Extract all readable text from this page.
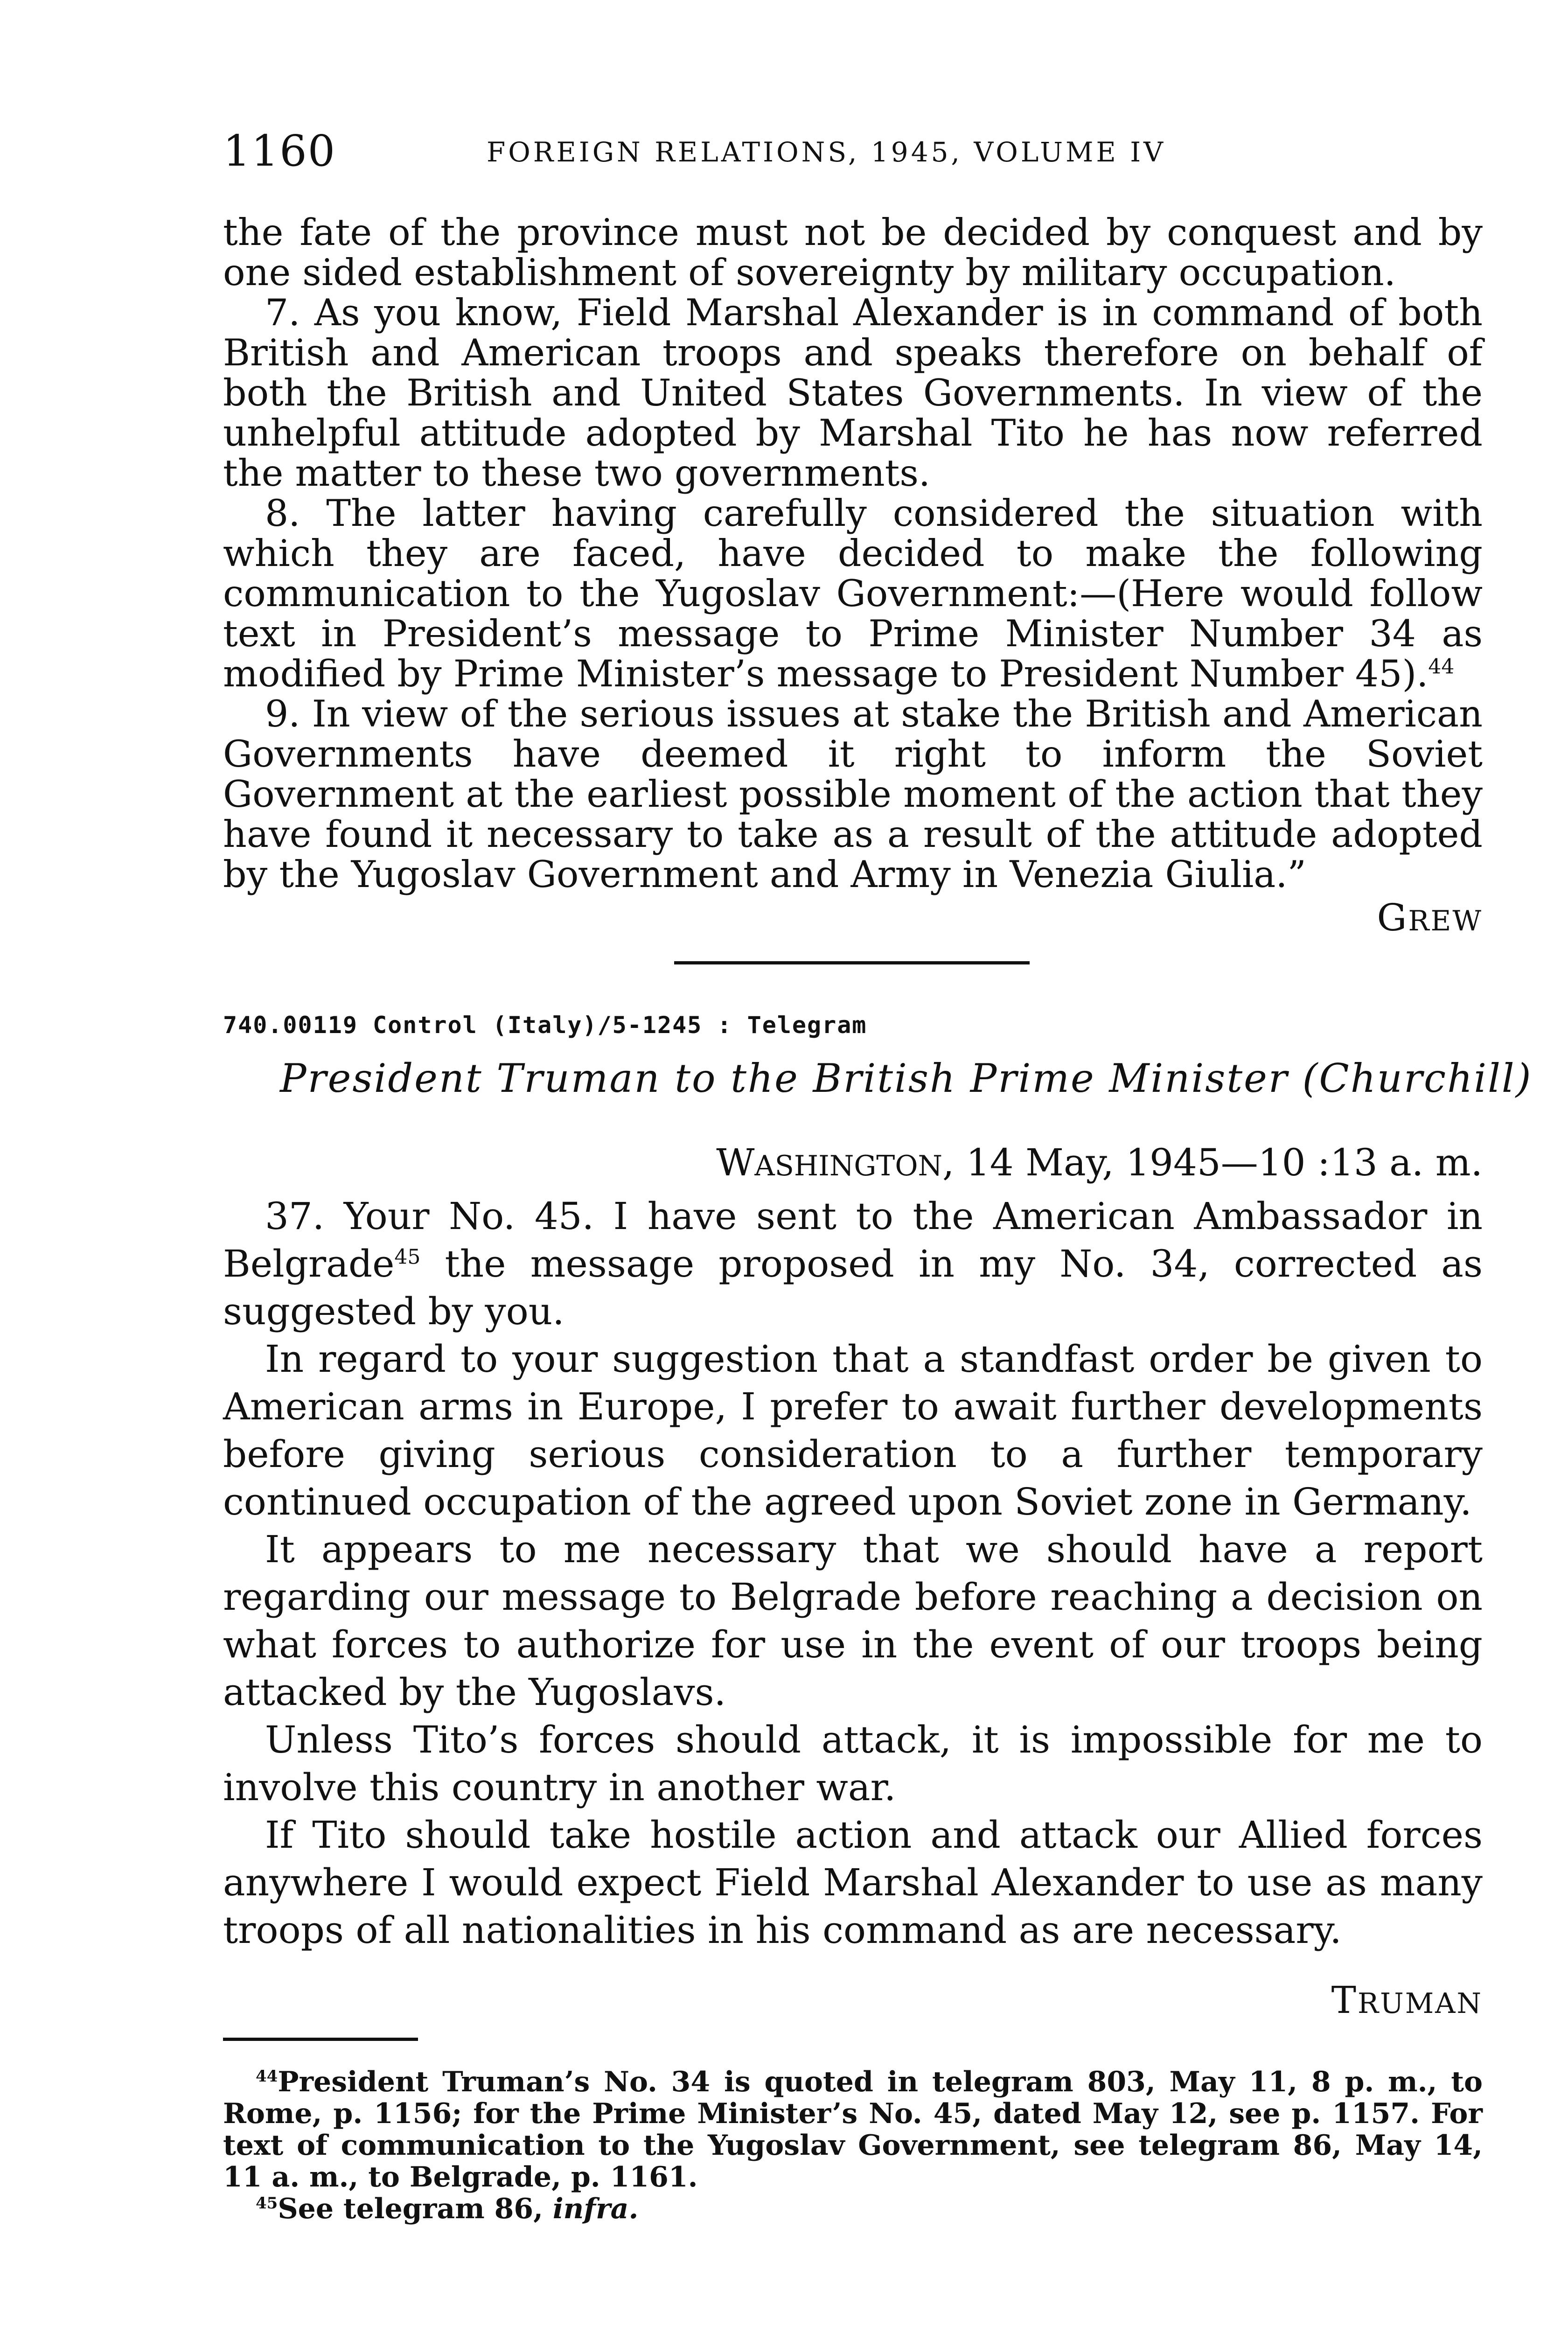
1160	FOREIGN RELATIONS, 1945, VOLUME IV

the fate of the province must not be decided by conquest and by one sided establishment of sovereignty by military occupation.

7. As you know, Field Marshal Alexander is in command of both British and American troops and speaks therefore on behalf of both the British and United States Governments. In view of the unhelpful attitude adopted by Marshal Tito he has now referred the matter to these two governments.

8. The latter having carefully considered the situation with which they are faced, have decided to make the following communication to the Yugoslav Government:—(Here would follow text in President’s message to Prime Minister Number 34 as modified by Prime Minister’s message to President Number 45).$^{44}$

9. In view of the serious issues at stake the British and American Governments have deemed it right to inform the Soviet Government at the earliest possible moment of the action that they have found it necessary to take as a result of the attitude adopted by the Yugoslav Government and Army in Venezia Giulia.”

GREW
740.00119 Control (Italy)/5-1245 : Telegram
President Truman to the British Prime Minister (Churchill)
WASHINGTON, 14 May, 1945—10 :13 a. m.

37. Your No. 45. I have sent to the American Ambassador in Belgrade$^{45}$ the message proposed in my No. 34, corrected as suggested by you.

In regard to your suggestion that a standfast order be given to American arms in Europe, I prefer to await further developments before giving serious consideration to a further temporary continued occupation of the agreed upon Soviet zone in Germany.

It appears to me necessary that we should have a report regarding our message to Belgrade before reaching a decision on what forces to authorize for use in the event of our troops being attacked by the Yugoslavs.

Unless Tito’s forces should attack, it is impossible for me to involve this country in another war.

If Tito should take hostile action and attack our Allied forces anywhere I would expect Field Marshal Alexander to use as many troops of all nationalities in his command as are necessary.

TRUMAN

$^{44}$President Truman’s No. 34 is quoted in telegram 803, May 11, 8 p. m., to Rome, p. 1156; for the Prime Minister’s No. 45, dated May 12, see p. 1157. For text of communication to the Yugoslav Government, see telegram 86, May 14, 11 a. m., to Belgrade, p. 1161.

$^{45}$See telegram 86, infra.
